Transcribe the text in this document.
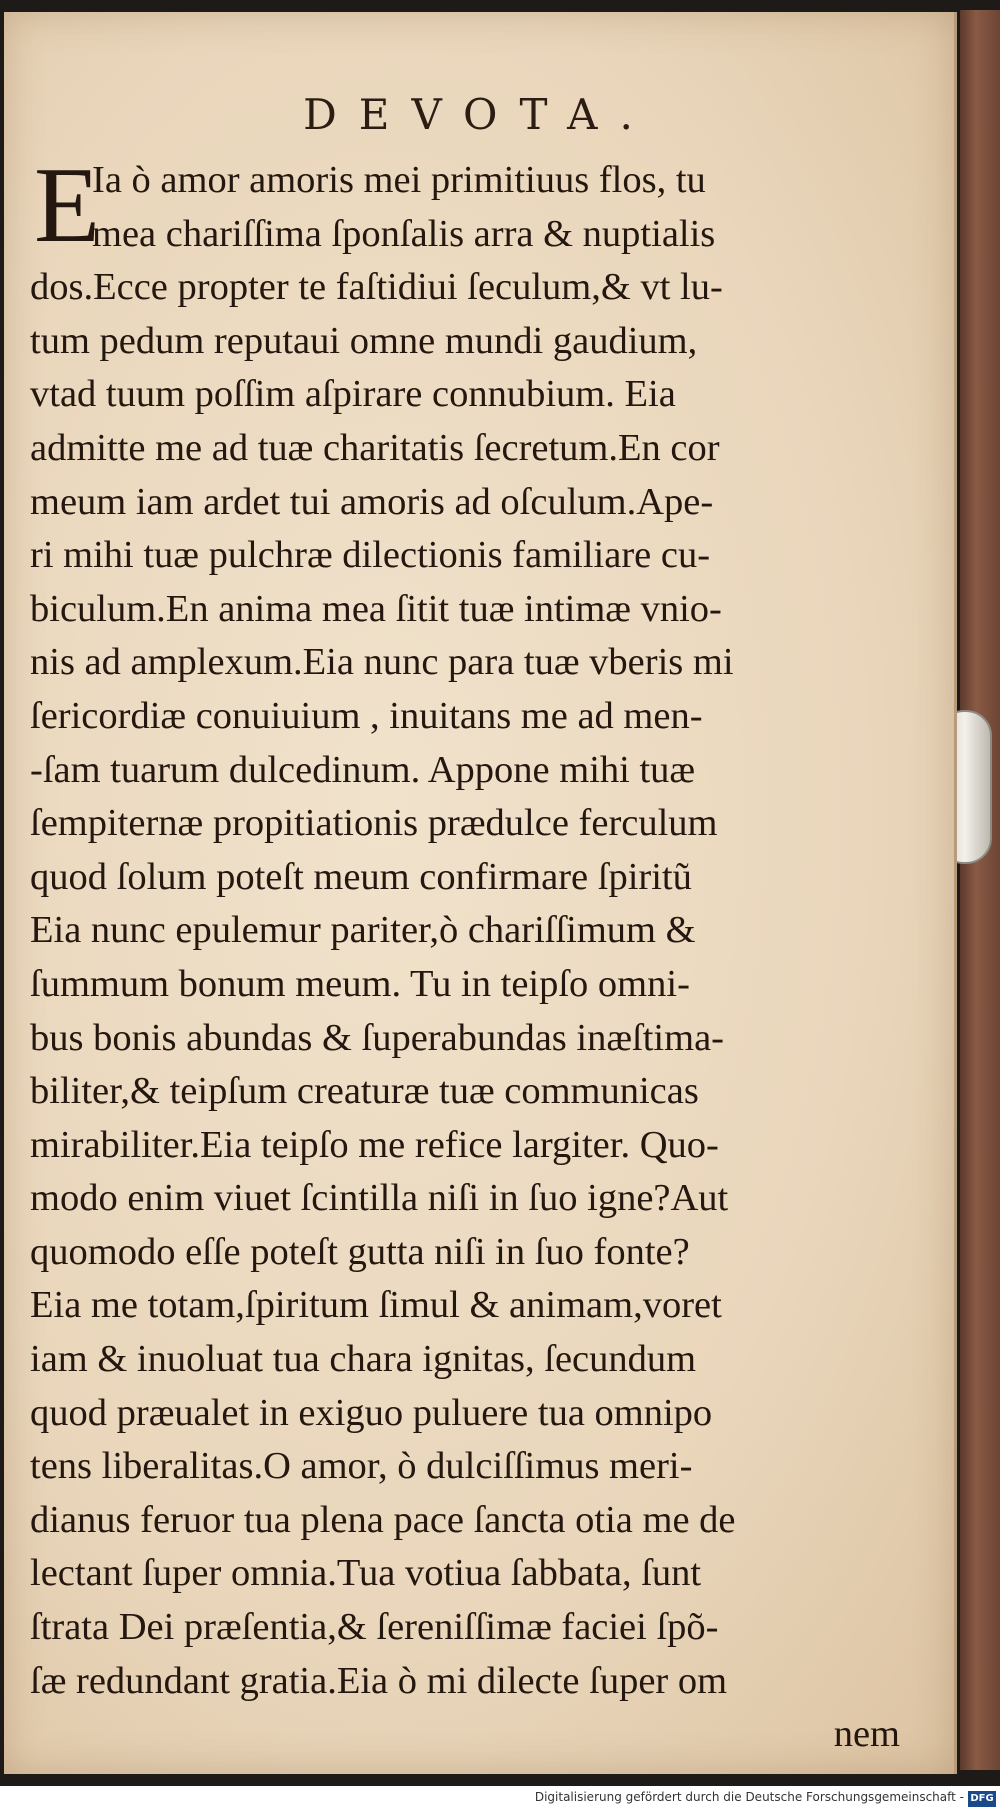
DEVOTA.
E
Ia ò amor amoris mei primitiuus flos, tu
mea chariſſima ſponſalis arra & nuptialis
dos.Ecce propter te faſtidiui ſeculum,& vt lu-
tum pedum reputaui omne mundi gaudium,
vtad tuum poſſim aſpirare connubium. Eia
admitte me ad tuæ charitatis ſecretum.En cor
meum iam ardet tui amoris ad oſculum.Ape-
ri mihi tuæ pulchræ dilectionis familiare cu-
biculum.En anima mea ſitit tuæ intimæ vnio-
nis ad amplexum.Eia nunc para tuæ vberis mi
ſericordiæ conuiuium , inuitans me ad men-
-ſam tuarum dulcedinum. Appone mihi tuæ
ſempiternæ propitiationis prædulce ferculum
quod ſolum poteſt meum confirmare ſpiritũ
Eia nunc epulemur pariter,ò chariſſimum &
ſummum bonum meum. Tu in teipſo omni-
bus bonis abundas & ſuperabundas inæſtima-
biliter,& teipſum creaturæ tuæ communicas
mirabiliter.Eia teipſo me refice largiter. Quo-
modo enim viuet ſcintilla niſi in ſuo igne?Aut
quomodo eſſe poteſt gutta niſi in ſuo fonte?
Eia me totam,ſpiritum ſimul & animam,voret
iam & inuoluat tua chara ignitas, ſecundum
quod præualet in exiguo puluere tua omnipo
tens liberalitas.O amor, ò dulciſſimus meri-
dianus feruor tua plena pace ſancta otia me de
lectant ſuper omnia.Tua votiua ſabbata, ſunt
ſtrata Dei præſentia,& ſereniſſimæ faciei ſpõ-
ſæ redundant gratia.Eia ò mi dilecte ſuper om
nem
Digitalisierung gefördert durch die Deutsche Forschungsgemeinschaft - DFG
